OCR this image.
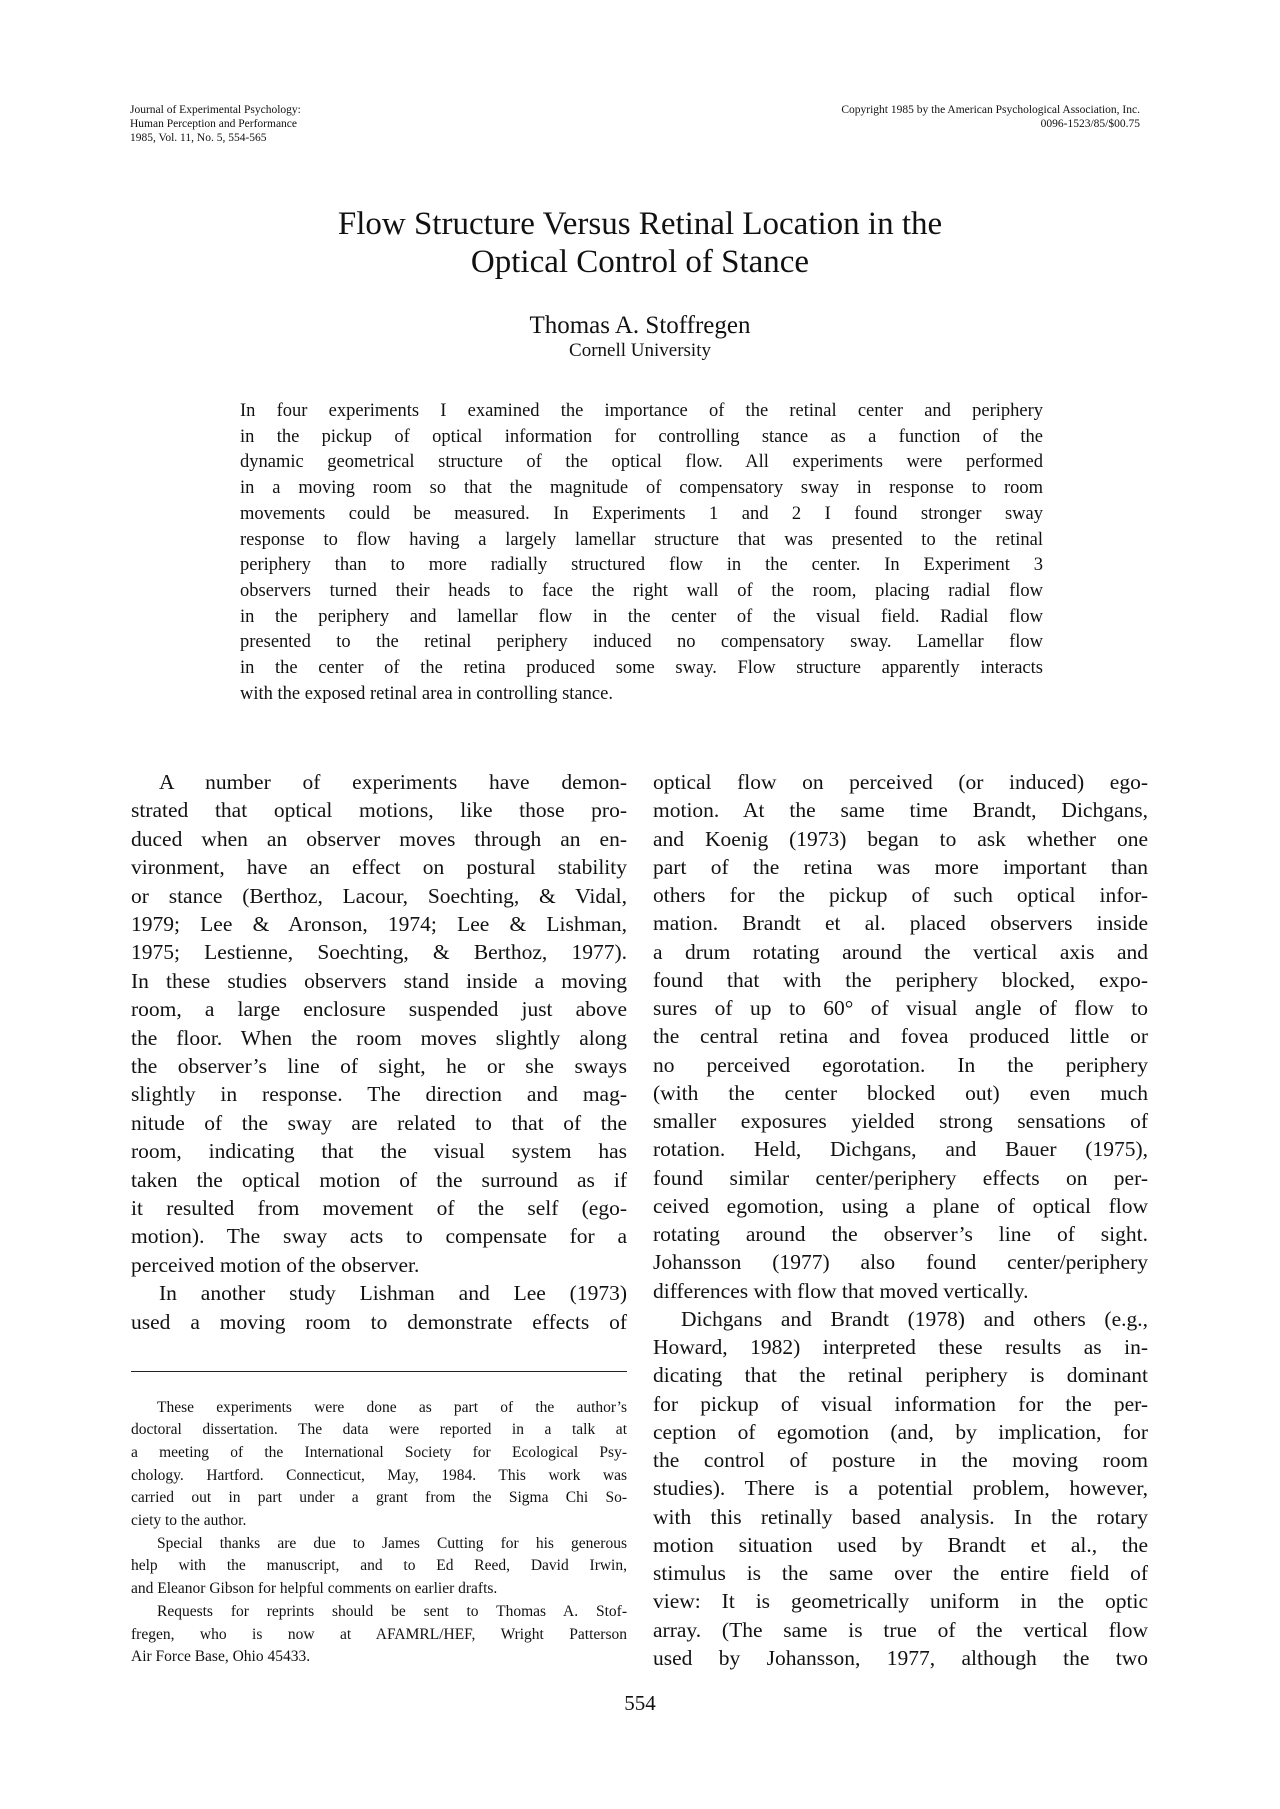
Journal of Experimental Psychology:
Human Perception and Performance
1985, Vol. 11, No. 5, 554-565
Copyright 1985 by the American Psychological Association, Inc.
0096-1523/85/$00.75
Flow Structure Versus Retinal Location in the
Optical Control of Stance
Thomas A. Stoffregen
Cornell University
In four experiments I examined the importance of the retinal center and periphery
in the pickup of optical information for controlling stance as a function of the
dynamic geometrical structure of the optical flow. All experiments were performed
in a moving room so that the magnitude of compensatory sway in response to room
movements could be measured. In Experiments 1 and 2 I found stronger sway
response to flow having a largely lamellar structure that was presented to the retinal
periphery than to more radially structured flow in the center. In Experiment 3
observers turned their heads to face the right wall of the room, placing radial flow
in the periphery and lamellar flow in the center of the visual field. Radial flow
presented to the retinal periphery induced no compensatory sway. Lamellar flow
in the center of the retina produced some sway. Flow structure apparently interacts
with the exposed retinal area in controlling stance.
A number of experiments have demon-
strated that optical motions, like those pro-
duced when an observer moves through an en-
vironment, have an effect on postural stability
or stance (Berthoz, Lacour, Soechting, & Vidal,
1979; Lee & Aronson, 1974; Lee & Lishman,
1975; Lestienne, Soechting, & Berthoz, 1977).
In these studies observers stand inside a moving
room, a large enclosure suspended just above
the floor. When the room moves slightly along
the observer’s line of sight, he or she sways
slightly in response. The direction and mag-
nitude of the sway are related to that of the
room, indicating that the visual system has
taken the optical motion of the surround as if
it resulted from movement of the self (ego-
motion). The sway acts to compensate for a
perceived motion of the observer.
In another study Lishman and Lee (1973)
used a moving room to demonstrate effects of
optical flow on perceived (or induced) ego-
motion. At the same time Brandt, Dichgans,
and Koenig (1973) began to ask whether one
part of the retina was more important than
others for the pickup of such optical infor-
mation. Brandt et al. placed observers inside
a drum rotating around the vertical axis and
found that with the periphery blocked, expo-
sures of up to 60° of visual angle of flow to
the central retina and fovea produced little or
no perceived egorotation. In the periphery
(with the center blocked out) even much
smaller exposures yielded strong sensations of
rotation. Held, Dichgans, and Bauer (1975),
found similar center/periphery effects on per-
ceived egomotion, using a plane of optical flow
rotating around the observer’s line of sight.
Johansson (1977) also found center/periphery
differences with flow that moved vertically.
Dichgans and Brandt (1978) and others (e.g.,
Howard, 1982) interpreted these results as in-
dicating that the retinal periphery is dominant
for pickup of visual information for the per-
ception of egomotion (and, by implication, for
the control of posture in the moving room
studies). There is a potential problem, however,
with this retinally based analysis. In the rotary
motion situation used by Brandt et al., the
stimulus is the same over the entire field of
view: It is geometrically uniform in the optic
array. (The same is true of the vertical flow
used by Johansson, 1977, although the two
These experiments were done as part of the author’s
doctoral dissertation. The data were reported in a talk at
a meeting of the International Society for Ecological Psy-
chology. Hartford. Connecticut, May, 1984. This work was
carried out in part under a grant from the Sigma Chi So-
ciety to the author.
Special thanks are due to James Cutting for his generous
help with the manuscript, and to Ed Reed, David Irwin,
and Eleanor Gibson for helpful comments on earlier drafts.
Requests for reprints should be sent to Thomas A. Stof-
fregen, who is now at AFAMRL/HEF, Wright Patterson
Air Force Base, Ohio 45433.
554
